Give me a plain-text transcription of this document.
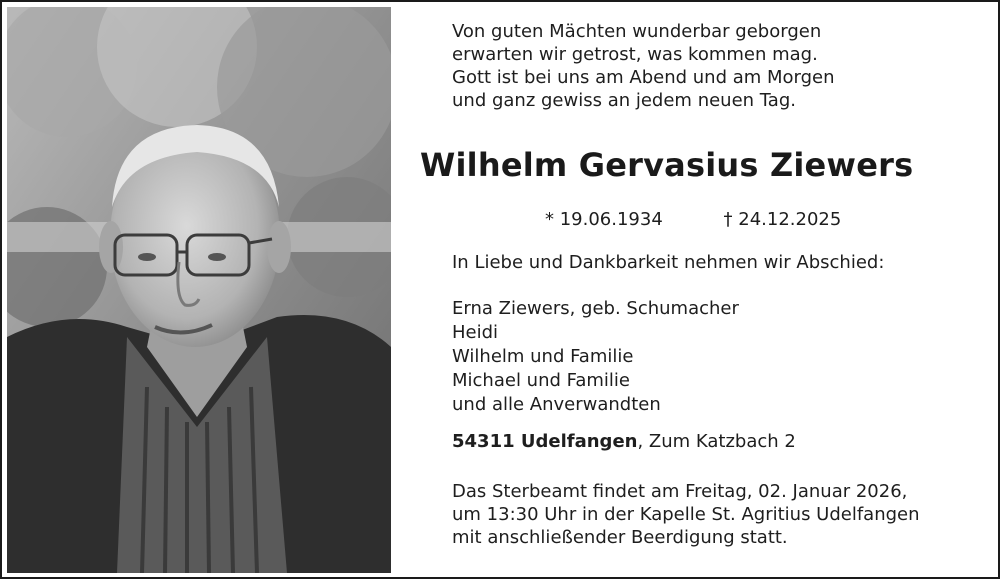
Von guten Mächten wunderbar geborgen
erwarten wir getrost, was kommen mag.
Gott ist bei uns am Abend und am Morgen
und ganz gewiss an jedem neuen Tag.
Wilhelm Gervasius Ziewers
* 19.06.1934	† 24.12.2025
In Liebe und Dankbarkeit nehmen wir Abschied:
Erna Ziewers, geb. Schumacher
Heidi
Wilhelm und Familie
Michael und Familie
und alle Anverwandten
54311 Udelfangen, Zum Katzbach 2
Das Sterbeamt findet am Freitag, 02. Januar 2026,
um 13:30 Uhr in der Kapelle St. Agritius Udelfangen
mit anschließender Beerdigung statt.
